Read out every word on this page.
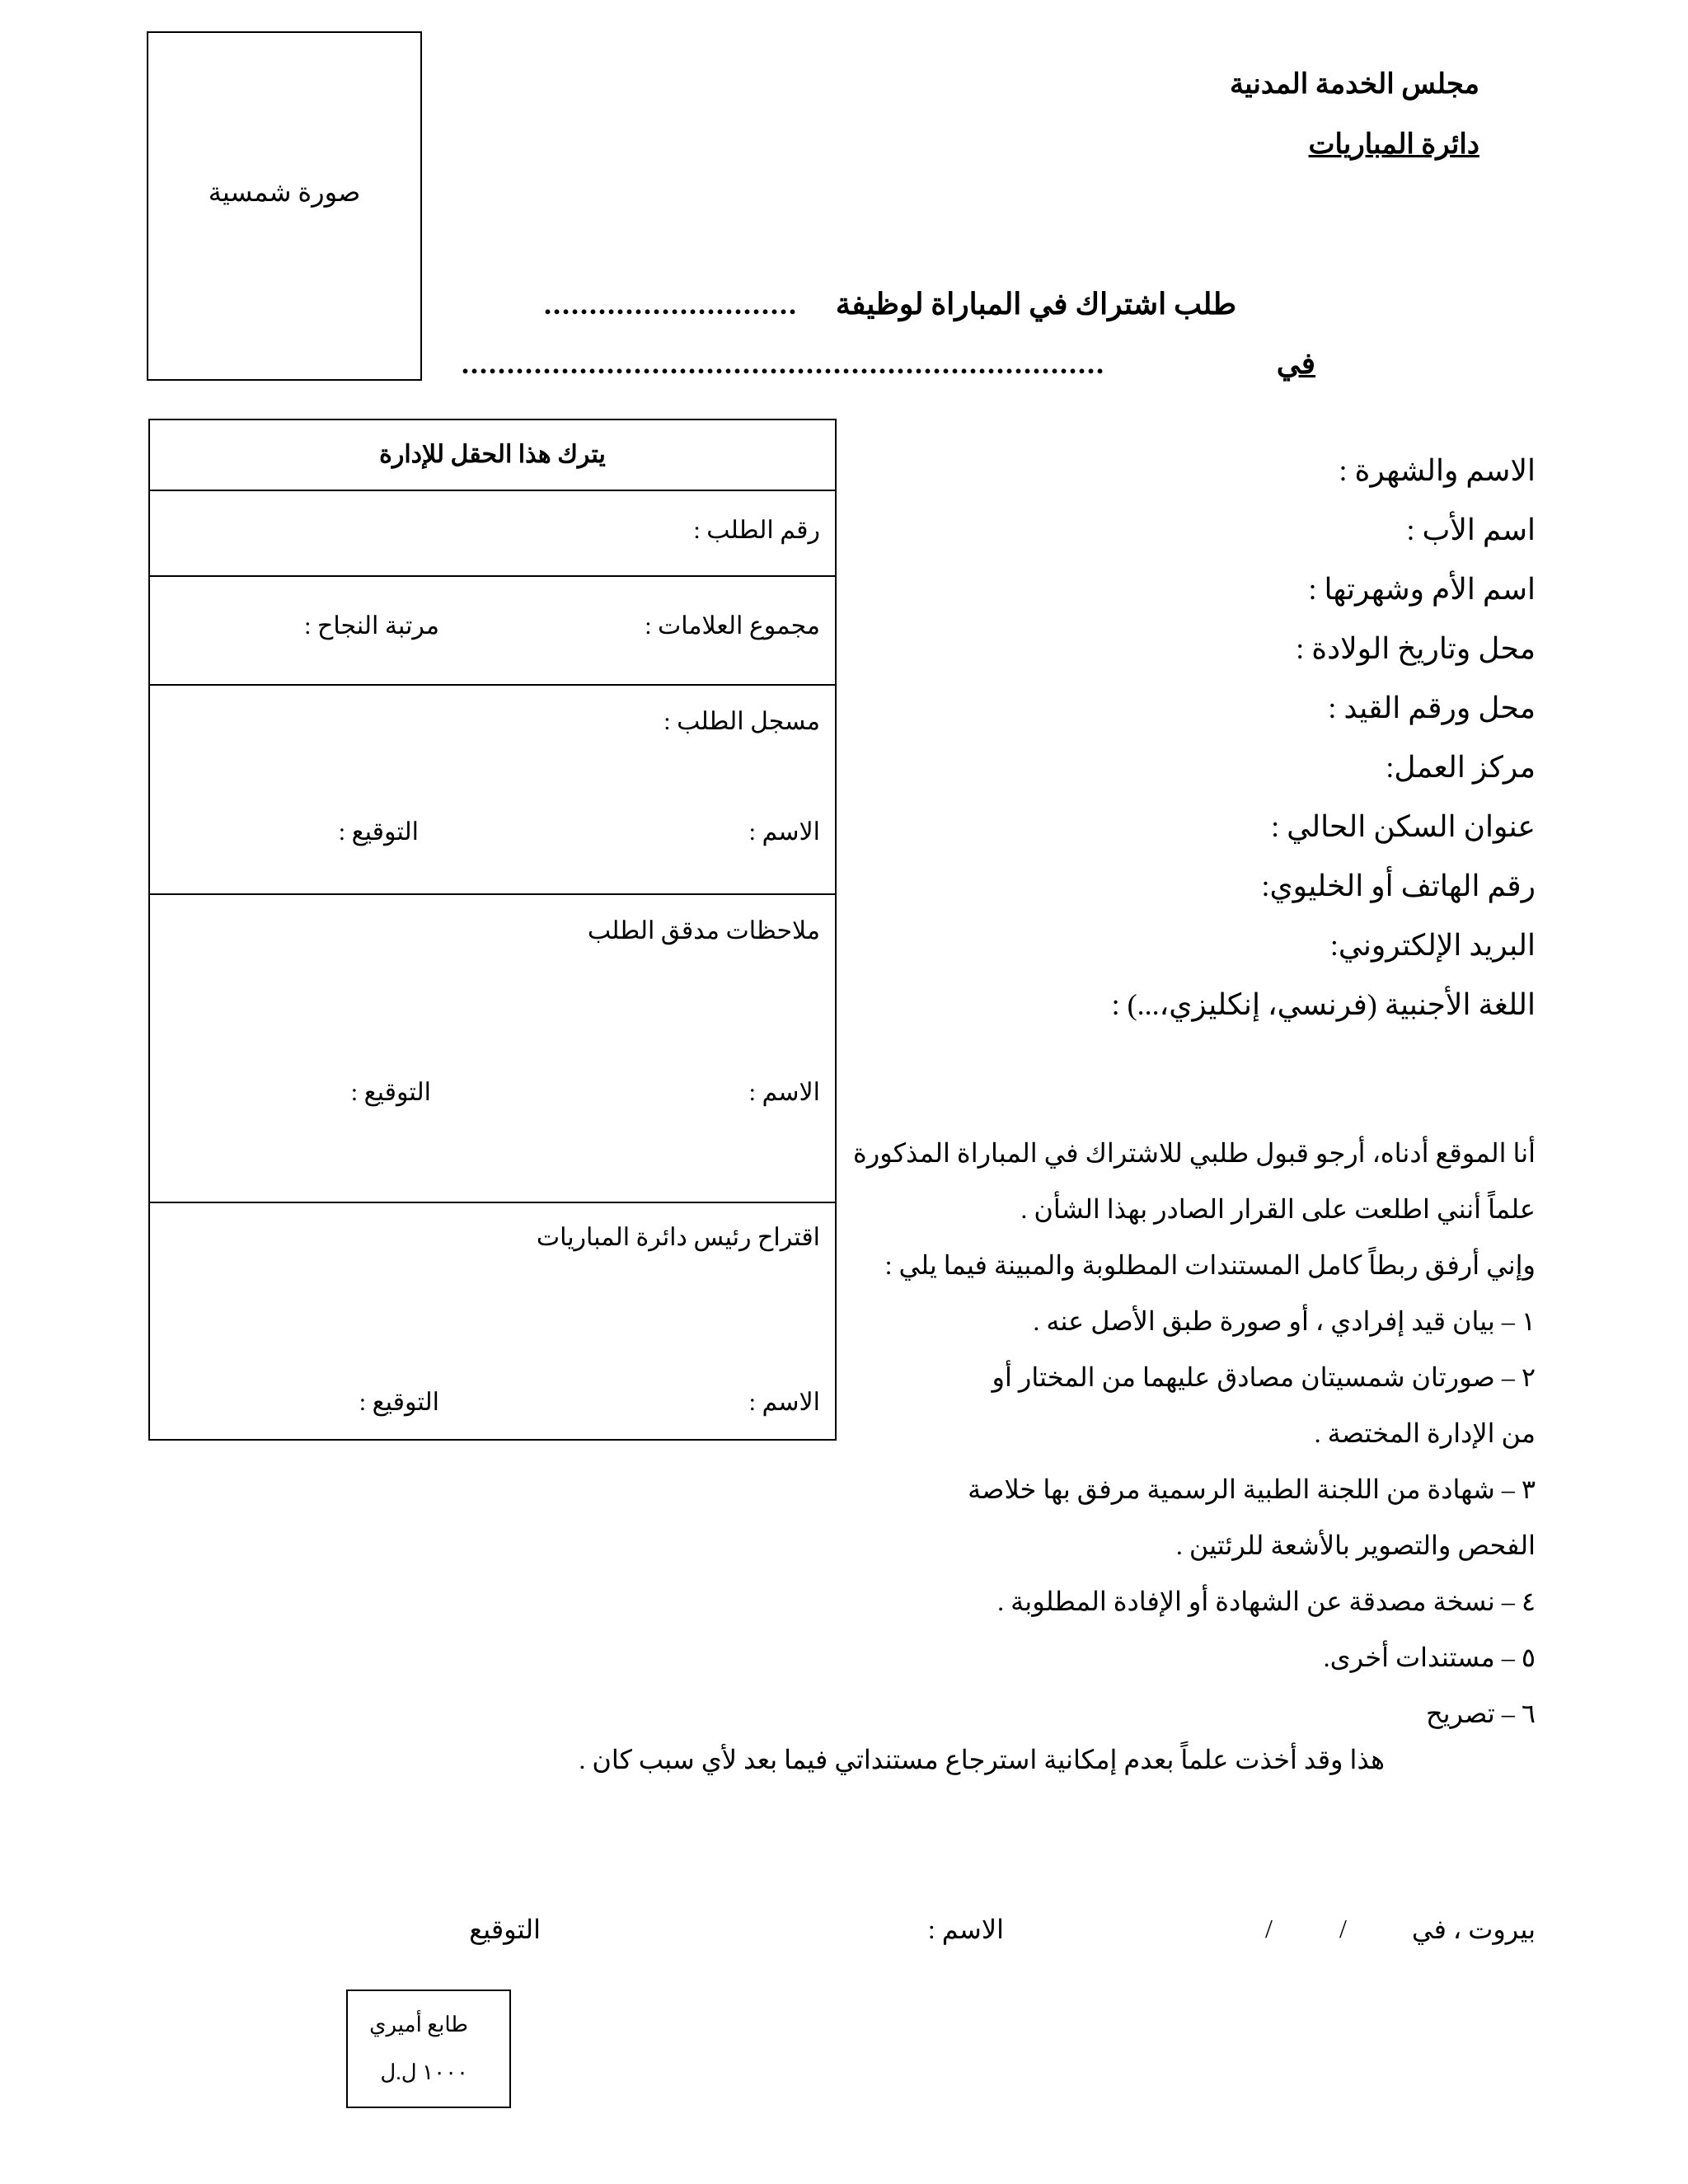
مجلس الخدمة المدنية
دائرة المباريات
صورة شمسية
طلب اشتراك في المباراة لوظيفة
............................
في
.......................................................................
يترك هذا الحقل للإدارة
رقم الطلب :
مجموع العلامات :
مرتبة النجاح :
مسجل الطلب :
الاسم :
التوقيع :
ملاحظات مدقق الطلب
الاسم :
التوقيع :
اقتراح رئيس دائرة المباريات
الاسم :
التوقيع :
الاسم والشهرة :
اسم الأب :
اسم الأم وشهرتها :
محل وتاريخ الولادة :
محل ورقم القيد :
مركز العمل:
عنوان السكن الحالي :
رقم الهاتف أو الخليوي:
البريد الإلكتروني:
اللغة الأجنبية (فرنسي، إنكليزي،...) :
أنا الموقع أدناه، أرجو قبول طلبي للاشتراك في المباراة المذكورة
علماً أنني اطلعت على القرار الصادر بهذا الشأن .
وإني أرفق ربطاً كامل المستندات المطلوبة والمبينة فيما يلي :
١ – بيان قيد إفرادي ، أو صورة طبق الأصل عنه .
٢ – صورتان شمسيتان مصادق عليهما من المختار أو
من الإدارة المختصة .
٣ – شهادة من اللجنة الطبية الرسمية مرفق بها خلاصة
الفحص والتصوير بالأشعة للرئتين .
٤ – نسخة مصدقة عن الشهادة أو الإفادة المطلوبة .
٥ – مستندات أخرى.
٦ – تصريح
هذا وقد أخذت علماً بعدم إمكانية استرجاع مستنداتي فيما بعد لأي سبب كان .
بيروت ، في
/
/
الاسم :
التوقيع
طابع أميري
١٠٠٠ ل.ل
